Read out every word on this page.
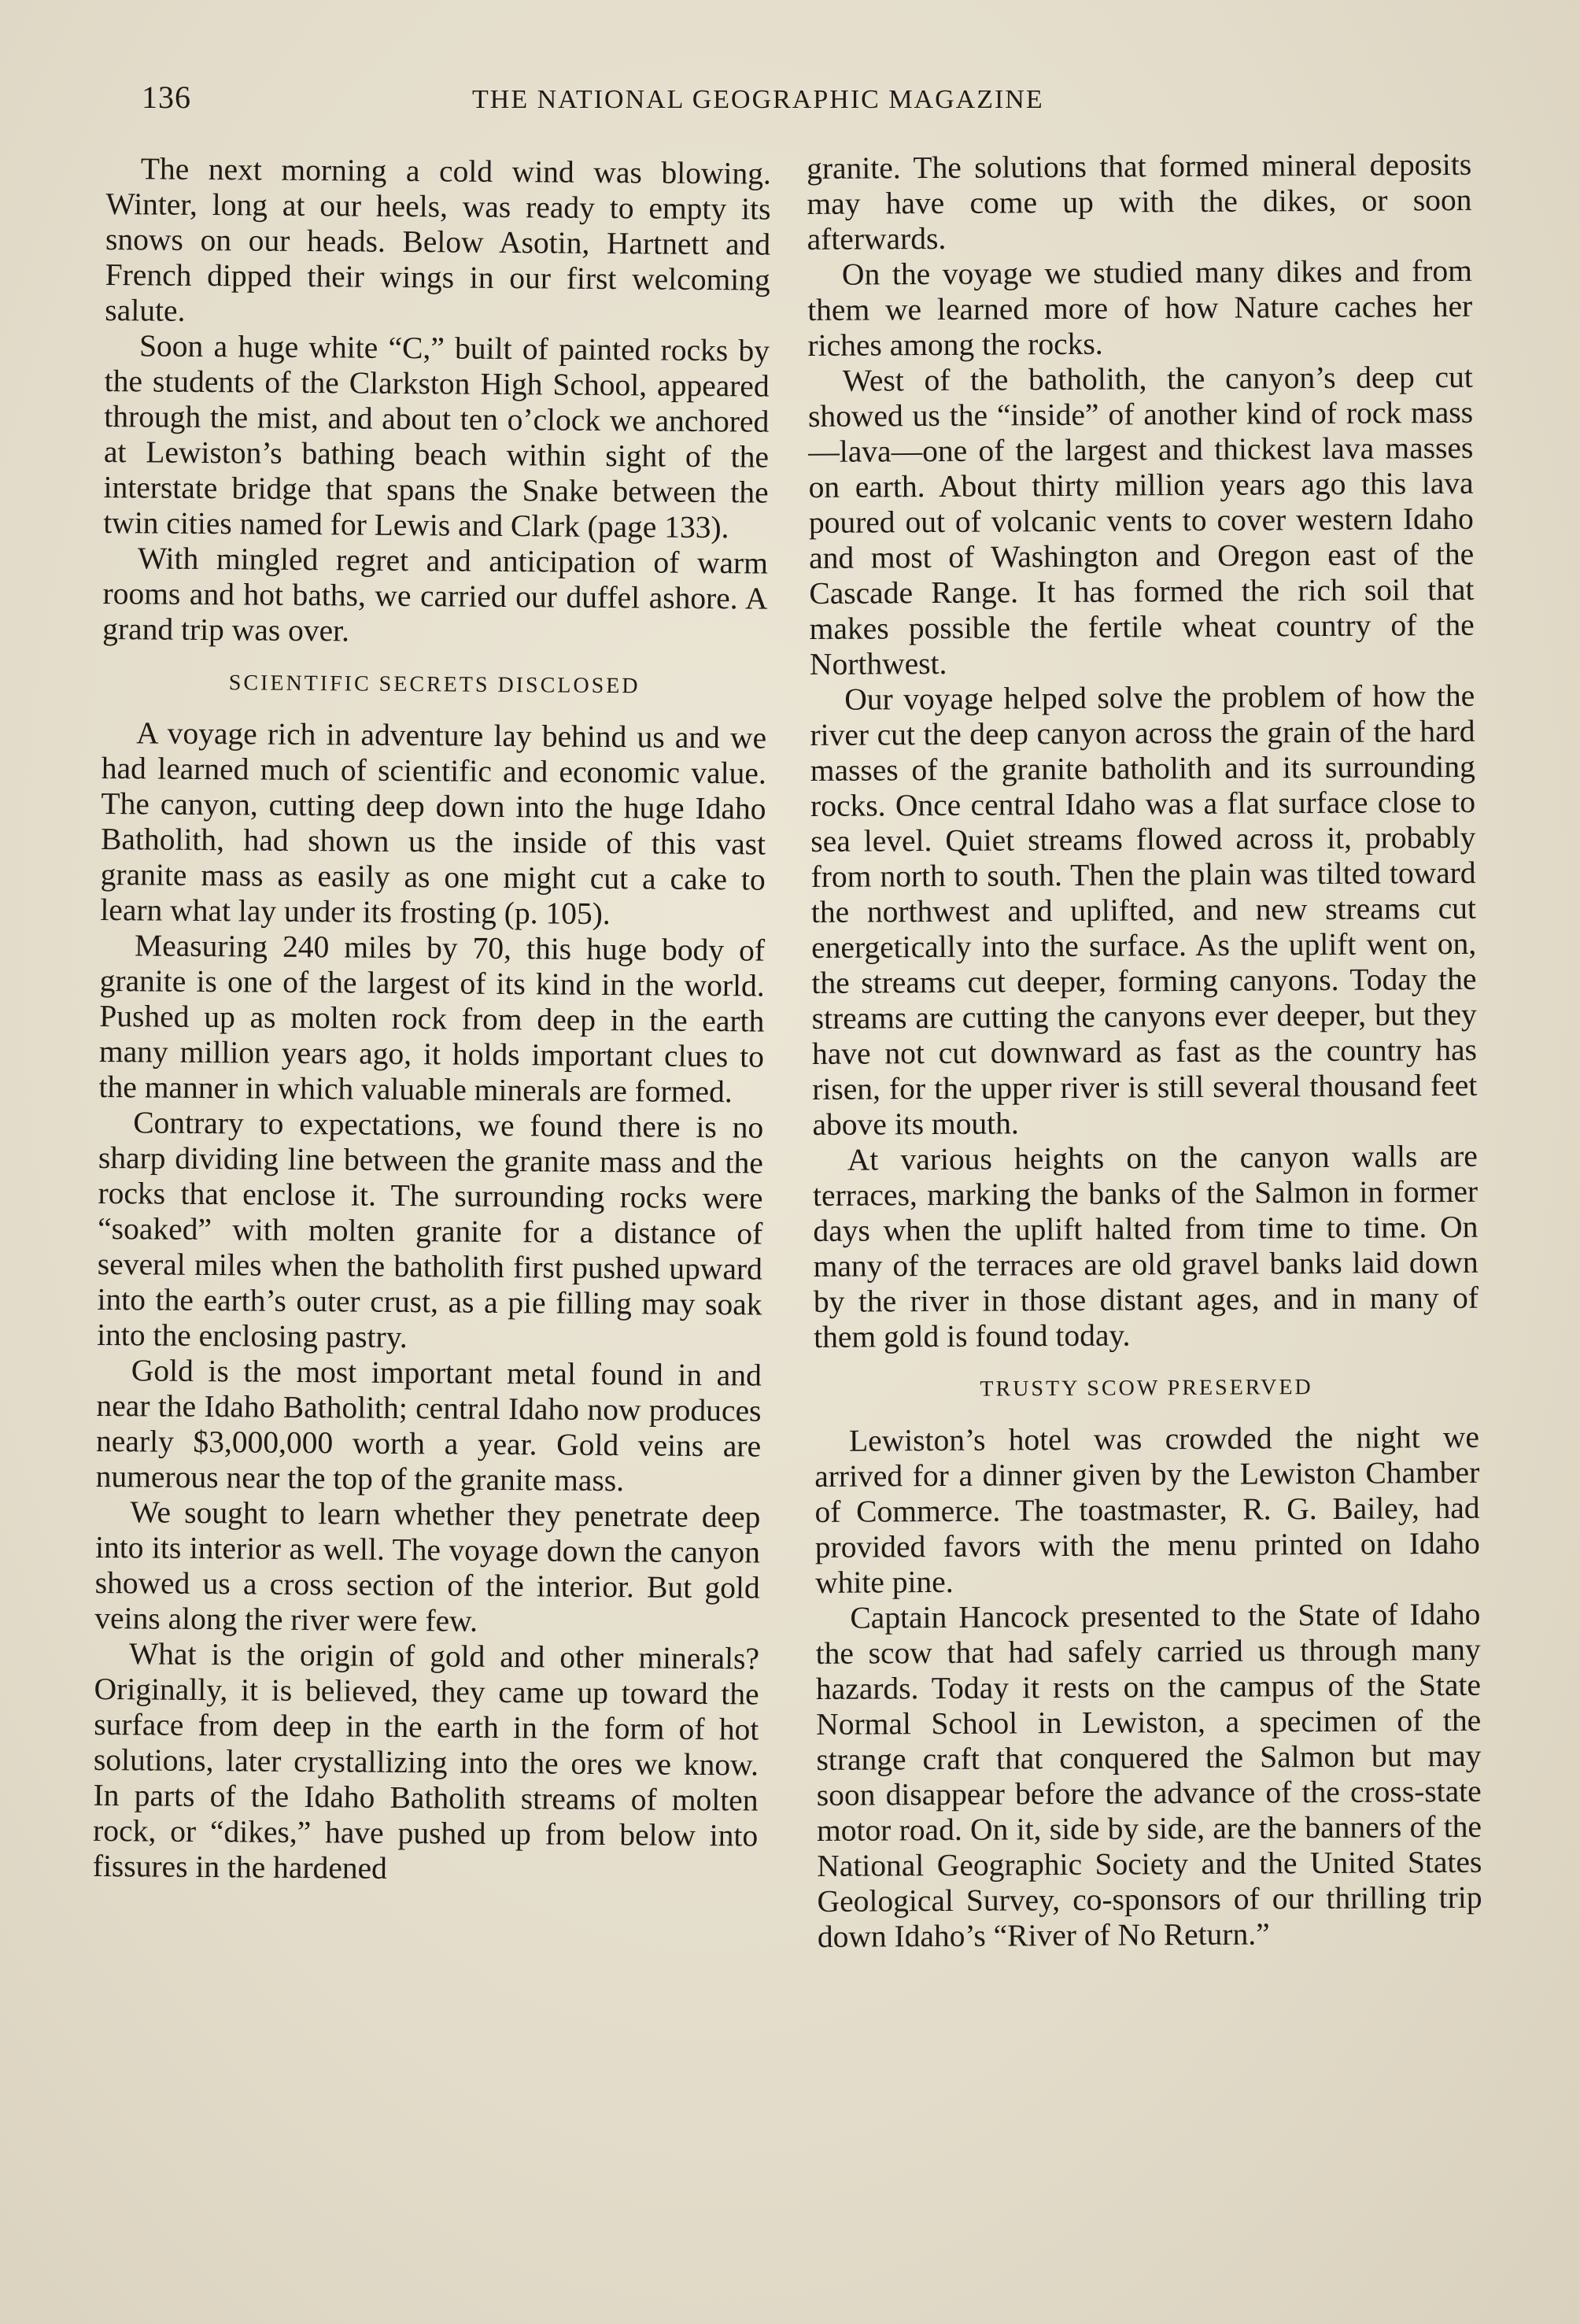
136	THE NATIONAL GEOGRAPHIC MAGAZINE

The next morning a cold wind was blowing. Winter, long at our heels, was ready to empty its snows on our heads. Below Asotin, Hartnett and French dipped their wings in our first welcoming salute.

Soon a huge white “C,” built of painted rocks by the students of the Clarkston High School, appeared through the mist, and about ten o’clock we anchored at Lewiston’s bathing beach within sight of the interstate bridge that spans the Snake between the twin cities named for Lewis and Clark (page 133).

With mingled regret and anticipation of warm rooms and hot baths, we carried our duffel ashore. A grand trip was over.

SCIENTIFIC SECRETS DISCLOSED

A voyage rich in adventure lay behind us and we had learned much of scientific and economic value. The canyon, cutting deep down into the huge Idaho Batholith, had shown us the inside of this vast granite mass as easily as one might cut a cake to learn what lay under its frosting (p. 105).

Measuring 240 miles by 70, this huge body of granite is one of the largest of its kind in the world. Pushed up as molten rock from deep in the earth many million years ago, it holds important clues to the manner in which valuable minerals are formed.

Contrary to expectations, we found there is no sharp dividing line between the granite mass and the rocks that enclose it. The surrounding rocks were “soaked” with molten granite for a distance of several miles when the batholith first pushed upward into the earth’s outer crust, as a pie filling may soak into the enclosing pastry.

Gold is the most important metal found in and near the Idaho Batholith; central Idaho now produces nearly $3,000,000 worth a year. Gold veins are numerous near the top of the granite mass.

We sought to learn whether they penetrate deep into its interior as well. The voyage down the canyon showed us a cross section of the interior. But gold veins along the river were few.

What is the origin of gold and other minerals? Originally, it is believed, they came up toward the surface from deep in the earth in the form of hot solutions, later crystallizing into the ores we know. In parts of the Idaho Batholith streams of molten rock, or “dikes,” have pushed up from below into fissures in the hardened

granite. The solutions that formed mineral deposits may have come up with the dikes, or soon afterwards.

On the voyage we studied many dikes and from them we learned more of how Nature caches her riches among the rocks.

West of the batholith, the canyon’s deep cut showed us the “inside” of another kind of rock mass—lava—one of the largest and thickest lava masses on earth. About thirty million years ago this lava poured out of volcanic vents to cover western Idaho and most of Washington and Oregon east of the Cascade Range. It has formed the rich soil that makes possible the fertile wheat country of the Northwest.

Our voyage helped solve the problem of how the river cut the deep canyon across the grain of the hard masses of the granite batholith and its surrounding rocks. Once central Idaho was a flat surface close to sea level. Quiet streams flowed across it, probably from north to south. Then the plain was tilted toward the northwest and uplifted, and new streams cut energetically into the surface. As the uplift went on, the streams cut deeper, forming canyons. Today the streams are cutting the canyons ever deeper, but they have not cut downward as fast as the country has risen, for the upper river is still several thousand feet above its mouth.

At various heights on the canyon walls are terraces, marking the banks of the Salmon in former days when the uplift halted from time to time. On many of the terraces are old gravel banks laid down by the river in those distant ages, and in many of them gold is found today.

TRUSTY SCOW PRESERVED

Lewiston’s hotel was crowded the night we arrived for a dinner given by the Lewiston Chamber of Commerce. The toastmaster, R. G. Bailey, had provided favors with the menu printed on Idaho white pine.

Captain Hancock presented to the State of Idaho the scow that had safely carried us through many hazards. Today it rests on the campus of the State Normal School in Lewiston, a specimen of the strange craft that conquered the Salmon but may soon disappear before the advance of the cross-state motor road. On it, side by side, are the banners of the National Geographic Society and the United States Geological Survey, co-sponsors of our thrilling trip down Idaho’s “River of No Return.”
